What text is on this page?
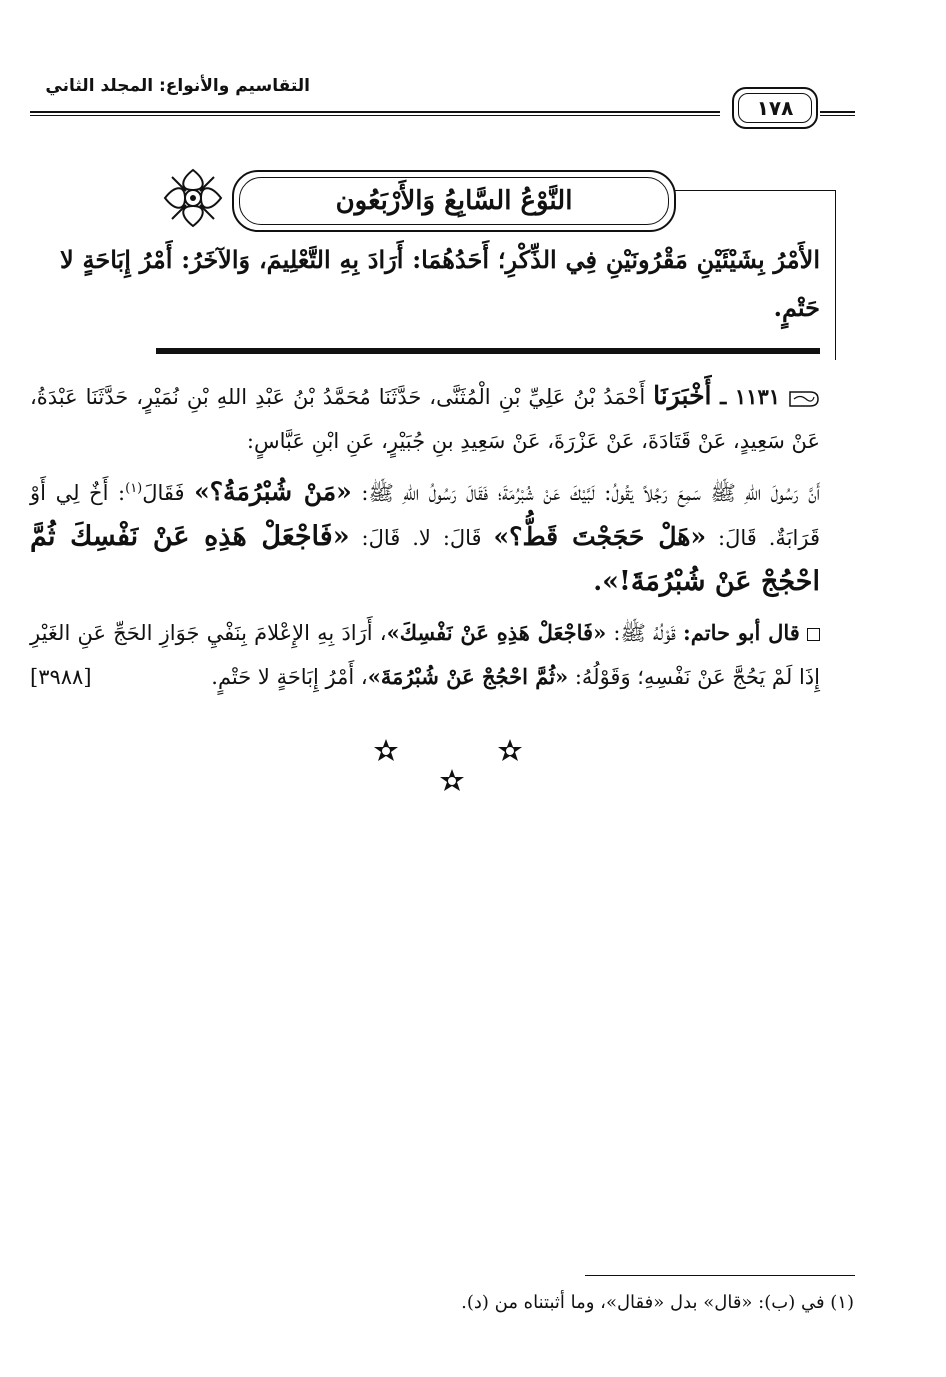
التقاسيم والأنواع: المجلد الثاني
١٧٨
النَّوْعُ السَّابِعُ وَالأَرْبَعُون
الأَمْرُ بِشَيْئَيْنِ مَقْرُونَيْنِ فِي الذِّكْرِ؛ أَحَدُهُمَا: أَرَادَ بِهِ التَّعْلِيمَ، وَالآخَرُ: أَمْرُ إِبَاحَةٍ لا حَتْمٍ.

١١٣١ ـ أَخْبَرَنَا أَحْمَدُ بْنُ عَلِيِّ بْنِ الْمُثَنَّى، حَدَّثَنَا مُحَمَّدُ بْنُ عَبْدِ اللهِ بْنِ نُمَيْرٍ، حَدَّثَنَا عَبْدَةُ، عَنْ سَعِيدٍ، عَنْ قَتَادَةَ، عَنْ عَزْرَةَ، عَنْ سَعِيدِ بنِ جُبَيْرٍ، عَنِ ابْنِ عَبَّاسٍ:

أَنَّ رَسُولَ اللهِ ﷺ سَمِعَ رَجُلاً يَقُولُ: لَبَّيْكَ عَنْ شُبْرُمَةَ؛ فَقَالَ رَسُولُ اللهِ ﷺ: «مَنْ شُبْرُمَةُ؟» فَقَالَ$^{(١)}$: أَخٌ لِي أَوْ قَرَابَةٌ. قَالَ: «هَلْ حَجَجْتَ قَطُّ؟» قَالَ: لا. قَالَ: «فَاجْعَلْ هَذِهِ عَنْ نَفْسِكَ ثُمَّ احْجُجْ عَنْ شُبْرُمَةَ!».

قال أبو حاتم: قَوْلُهُ ﷺ: «فَاجْعَلْ هَذِهِ عَنْ نَفْسِكَ»، أَرَادَ بِهِ الإِعْلامَ بِنَفْيِ جَوَازِ الحَجِّ عَنِ الغَيْرِ إِذَا لَمْ يَحُجَّ عَنْ نَفْسِهِ؛ وَقَوْلُهُ: «ثُمَّ احْجُجْ عَنْ شُبْرُمَةَ»، أَمْرُ إِبَاحَةٍ لا حَتْمٍ.
[٣٩٨٨]

(١) في (ب): «قال» بدل «فقال»، وما أثبتناه من (د).
